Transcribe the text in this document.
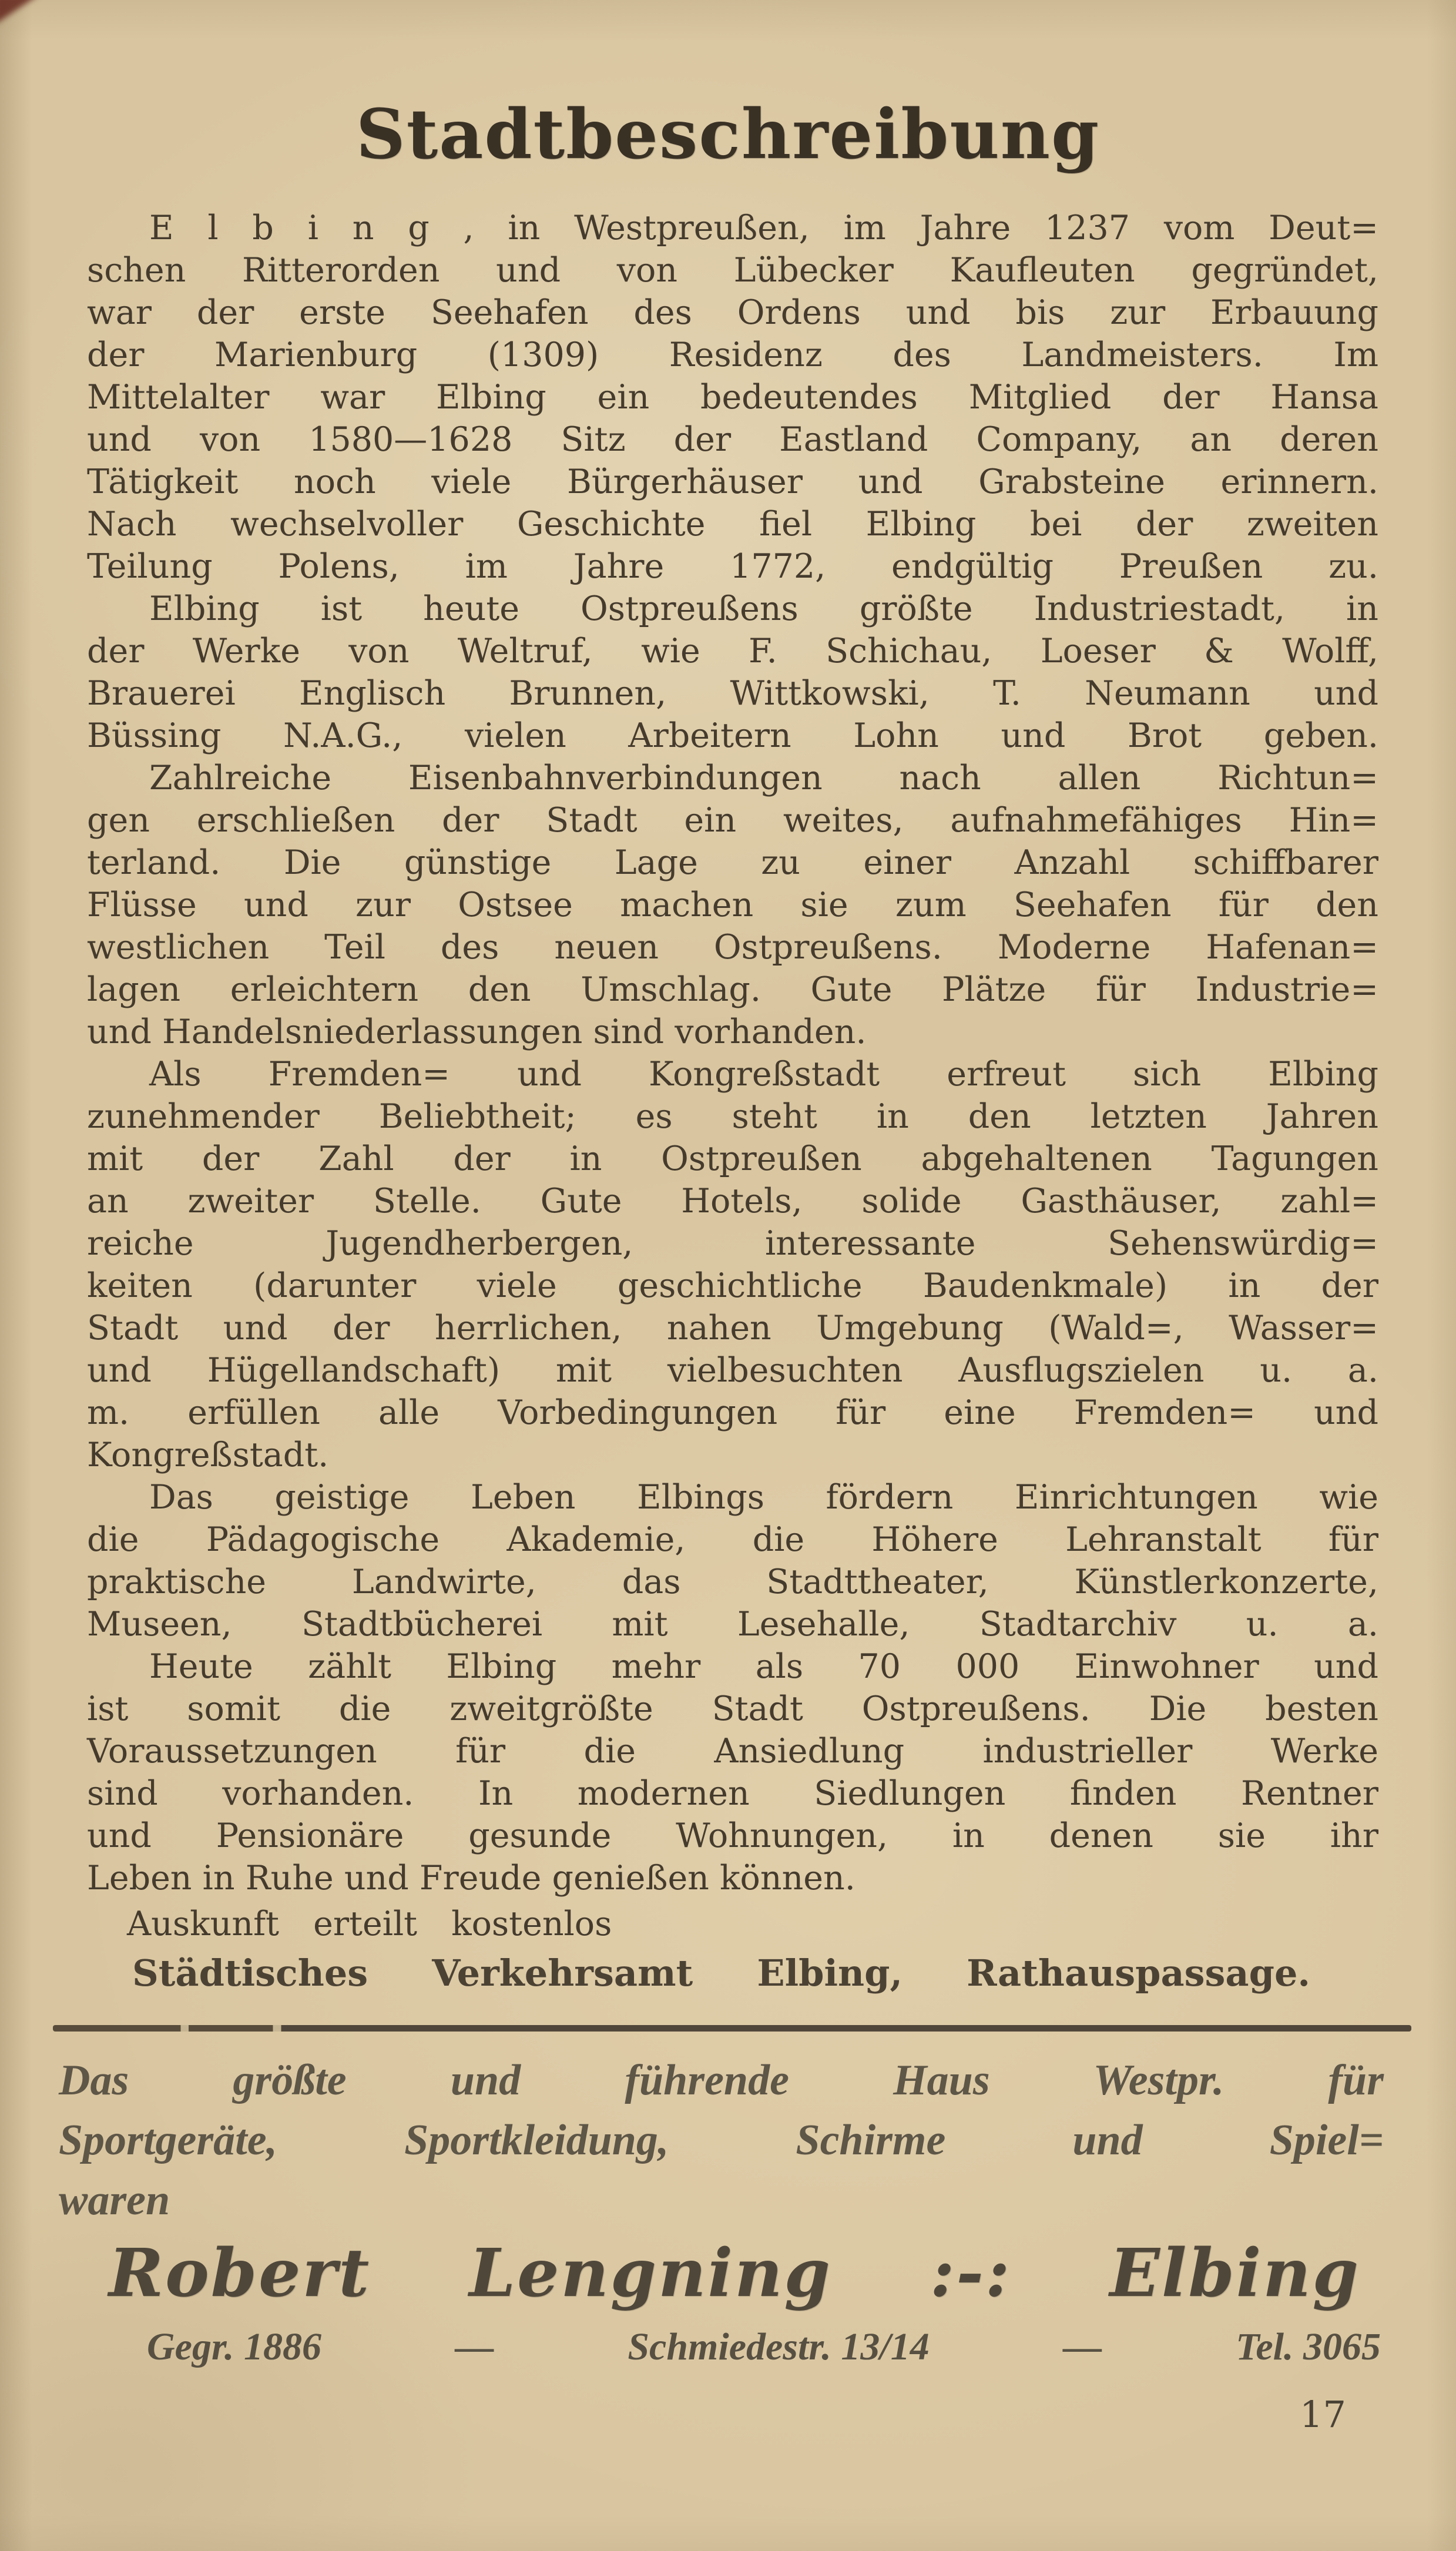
Stadtbeschreibung
E l b i n g , in Westpreußen, im Jahre 1237 vom Deut=
schen Ritterorden und von Lübecker Kaufleuten gegründet,
war der erste Seehafen des Ordens und bis zur Erbauung
der Marienburg (1309) Residenz des Landmeisters. Im
Mittelalter war Elbing ein bedeutendes Mitglied der Hansa
und von 1580—1628 Sitz der Eastland Company, an deren
Tätigkeit noch viele Bürgerhäuser und Grabsteine erinnern.
Nach wechselvoller Geschichte fiel Elbing bei der zweiten
Teilung Polens, im Jahre 1772, endgültig Preußen zu.
Elbing ist heute Ostpreußens größte Industriestadt, in
der Werke von Weltruf, wie F. Schichau, Loeser & Wolff,
Brauerei Englisch Brunnen, Wittkowski, T. Neumann und
Büssing N.A.G., vielen Arbeitern Lohn und Brot geben.
Zahlreiche Eisenbahnverbindungen nach allen Richtun=
gen erschließen der Stadt ein weites, aufnahmefähiges Hin=
terland. Die günstige Lage zu einer Anzahl schiffbarer
Flüsse und zur Ostsee machen sie zum Seehafen für den
westlichen Teil des neuen Ostpreußens. Moderne Hafenan=
lagen erleichtern den Umschlag. Gute Plätze für Industrie=
und Handelsniederlassungen sind vorhanden.
Als Fremden= und Kongreßstadt erfreut sich Elbing
zunehmender Beliebtheit; es steht in den letzten Jahren
mit der Zahl der in Ostpreußen abgehaltenen Tagungen
an zweiter Stelle. Gute Hotels, solide Gasthäuser, zahl=
reiche Jugendherbergen, interessante Sehenswürdig=
keiten (darunter viele geschichtliche Baudenkmale) in der
Stadt und der herrlichen, nahen Umgebung (Wald=, Wasser=
und Hügellandschaft) mit vielbesuchten Ausflugszielen u. a.
m. erfüllen alle Vorbedingungen für eine Fremden= und
Kongreßstadt.
Das geistige Leben Elbings fördern Einrichtungen wie
die Pädagogische Akademie, die Höhere Lehranstalt für
praktische Landwirte, das Stadttheater, Künstlerkonzerte,
Museen, Stadtbücherei mit Lesehalle, Stadtarchiv u. a.
Heute zählt Elbing mehr als 70 000 Einwohner und
ist somit die zweitgrößte Stadt Ostpreußens. Die besten
Voraussetzungen für die Ansiedlung industrieller Werke
sind vorhanden. In modernen Siedlungen finden Rentner
und Pensionäre gesunde Wohnungen, in denen sie ihr
Leben in Ruhe und Freude genießen können.
Auskunft erteilt kostenlos
Städtisches Verkehrsamt Elbing, Rathauspassage.
Das größte und führende Haus Westpr. für
Sportgeräte, Sportkleidung, Schirme und Spiel=
waren
Robert Lengning :-: Elbing
Gegr. 1886	—	Schmiedestr. 13/14	—	Tel. 3065
17
